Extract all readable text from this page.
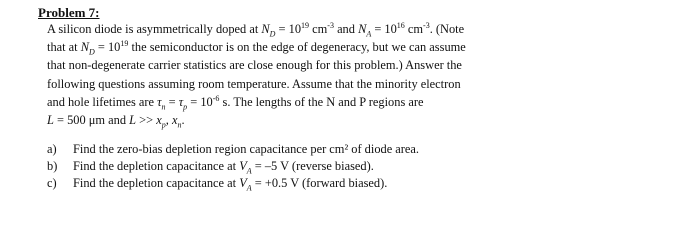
Problem 7:
A silicon diode is asymmetrically doped at $N_D = 10^{19}$ $cm^{-3}$ and $N_A = 10^{16}$ $cm^{-3}$. (Note
that at $N_D = 10^{19}$ the semiconductor is on the edge of degeneracy, but we can assume
that non-degenerate carrier statistics are close enough for this problem.) Answer the
following questions assuming room temperature. Assume that the minority electron
and hole lifetimes are $\tau_n = \tau_p = 10^{-6}$ s. The lengths of the N and P regions are
L = 500 μm and $L >> x_p$, $x_n$.
a) Find the zero-bias depletion region capacitance per cm² of diode area.
b) Find the depletion capacitance at $V_A = -5$ V (reverse biased).
c) Find the depletion capacitance at $V_A = +0.5$ V (forward biased).
